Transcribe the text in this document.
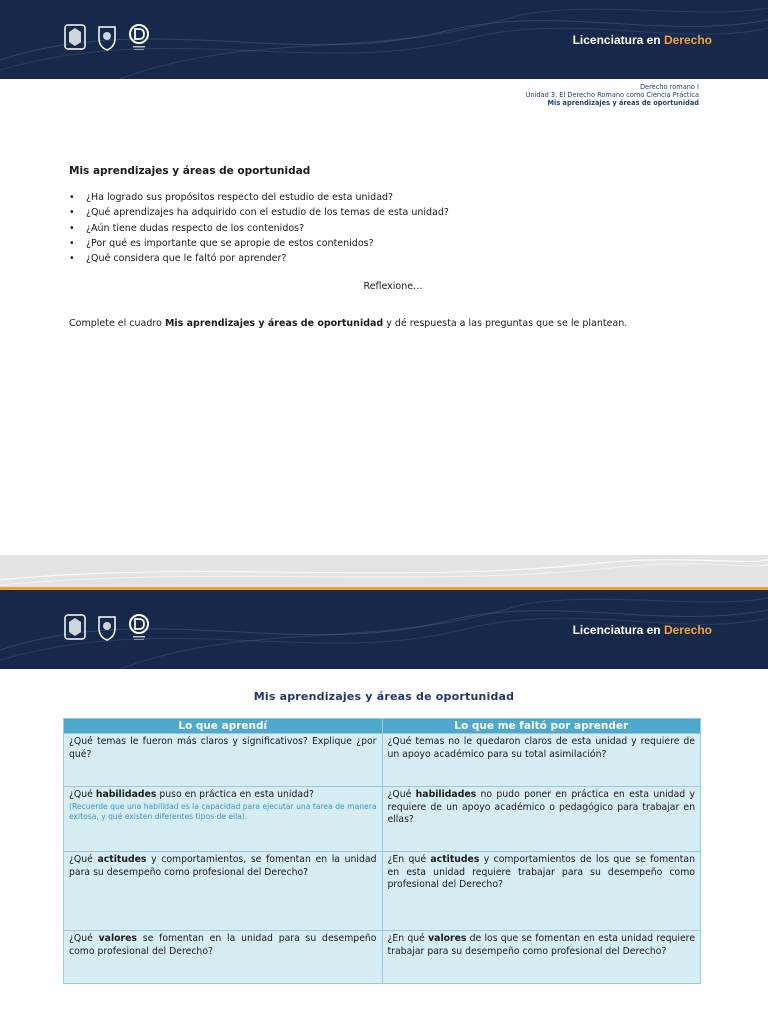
Licenciatura en Derecho
Derecho romano I
Unidad 3. El Derecho Romano como Ciencia Práctica
Mis aprendizajes y áreas de oportunidad
Mis aprendizajes y áreas de oportunidad
• ¿Ha logrado sus propósitos respecto del estudio de esta unidad?
• ¿Qué aprendizajes ha adquirido con el estudio de los temas de esta unidad?
• ¿Aún tiene dudas respecto de los contenidos?
• ¿Por qué es importante que se apropie de estos contenidos?
• ¿Qué considera que le faltó por aprender?
Reflexione…
Complete el cuadro Mis aprendizajes y áreas de oportunidad y dé respuesta a las preguntas que se le plantean.
Licenciatura en Derecho
Mis aprendizajes y áreas de oportunidad
Lo que aprendí	Lo que me faltó por aprender
¿Qué temas le fueron más claros y significativos? Explique ¿por qué?	¿Qué temas no le quedaron claros de esta unidad y requiere de un apoyo académico para su total asimilación?
¿Qué habilidades puso en práctica en esta unidad?
(Recuerde que una habilidad es la capacidad para ejecutar una tarea de manera exitosa, y qué existen diferentes tipos de ella).	¿Qué habilidades no pudo poner en práctica en esta unidad y requiere de un apoyo académico o pedagógico para trabajar en ellas?
¿Qué actitudes y comportamientos, se fomentan en la unidad para su desempeño como profesional del Derecho?	¿En qué actitudes y comportamientos de los que se fomentan en esta unidad requiere trabajar para su desempeño como profesional del Derecho?
¿Qué valores se fomentan en la unidad para su desempeño como profesional del Derecho?	¿En qué valores de los que se fomentan en esta unidad requiere trabajar para su desempeño como profesional del Derecho?
